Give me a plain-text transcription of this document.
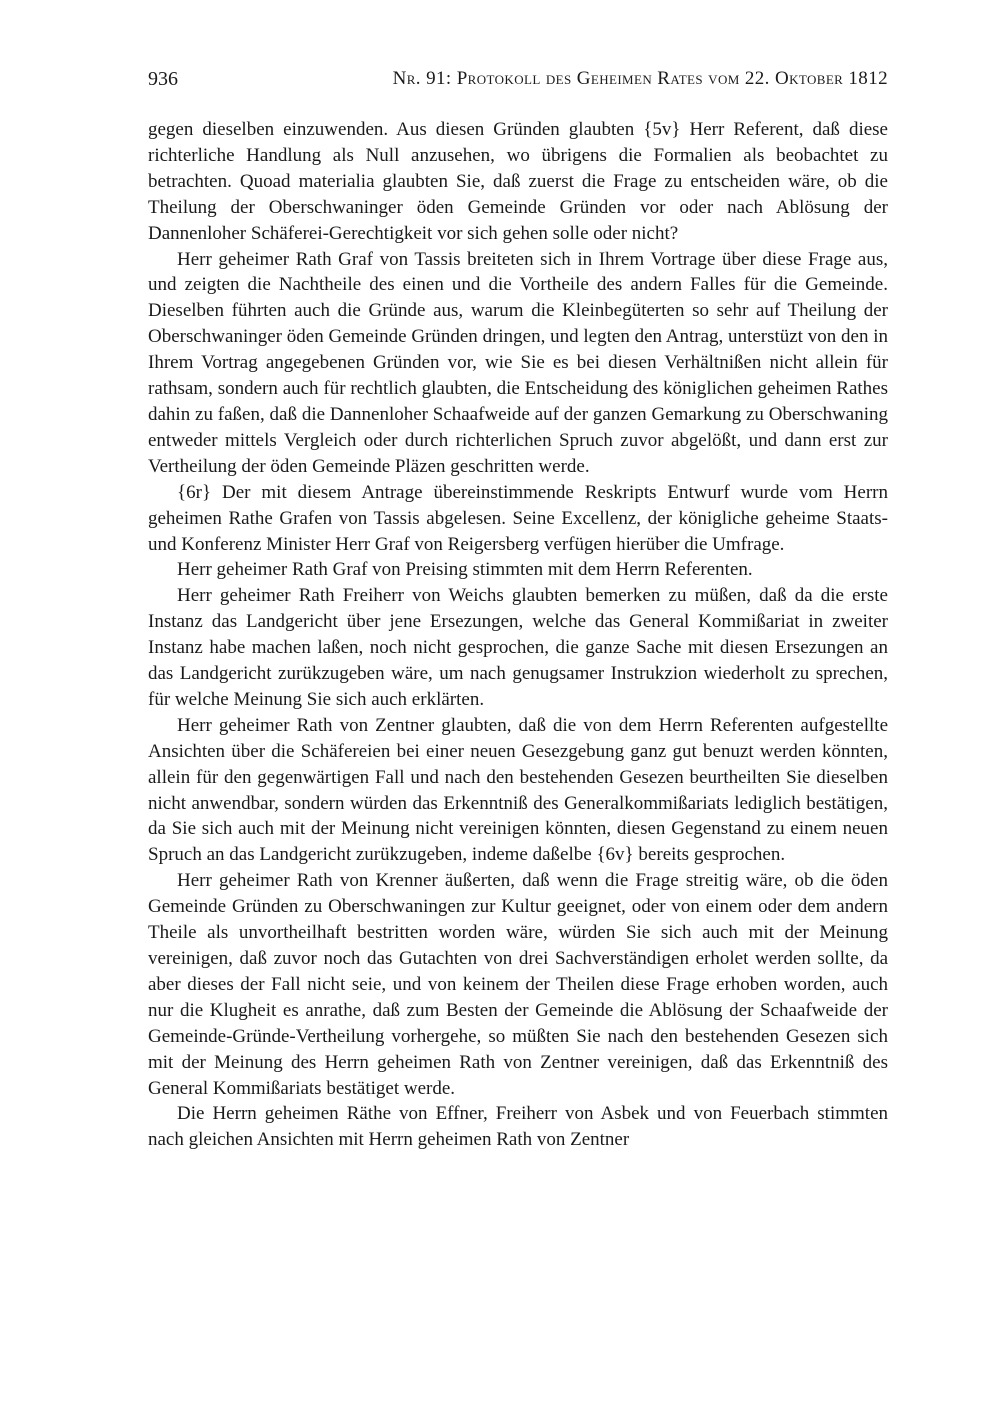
936	Nr. 91: Protokoll des Geheimen Rates vom 22. Oktober 1812

gegen dieselben einzuwenden. Aus diesen Gründen glaubten {5v} Herr Referent, daß diese richterliche Handlung als Null anzusehen, wo übrigens die Formalien als beobachtet zu betrachten. Quoad materialia glaubten Sie, daß zuerst die Frage zu entscheiden wäre, ob die Theilung der Oberschwaninger öden Gemeinde Gründen vor oder nach Ablösung der Dannenloher Schäferei-Gerechtigkeit vor sich gehen solle oder nicht?

Herr geheimer Rath Graf von Tassis breiteten sich in Ihrem Vortrage über diese Frage aus, und zeigten die Nachtheile des einen und die Vortheile des andern Falles für die Gemeinde. Dieselben führten auch die Gründe aus, warum die Kleinbegüterten so sehr auf Theilung der Oberschwaninger öden Gemeinde Gründen dringen, und legten den Antrag, unterstüzt von den in Ihrem Vortrag angegebenen Gründen vor, wie Sie es bei diesen Verhältnißen nicht allein für rathsam, sondern auch für rechtlich glaubten, die Entscheidung des königlichen geheimen Rathes dahin zu faßen, daß die Dannenloher Schaafweide auf der ganzen Gemarkung zu Oberschwaning entweder mittels Vergleich oder durch richterlichen Spruch zuvor abgelößt, und dann erst zur Vertheilung der öden Gemeinde Pläzen geschritten werde.

{6r} Der mit diesem Antrage übereinstimmende Reskripts Entwurf wurde vom Herrn geheimen Rathe Grafen von Tassis abgelesen. Seine Excellenz, der königliche geheime Staats- und Konferenz Minister Herr Graf von Reigersberg verfügen hierüber die Umfrage.

Herr geheimer Rath Graf von Preising stimmten mit dem Herrn Referenten.

Herr geheimer Rath Freiherr von Weichs glaubten bemerken zu müßen, daß da die erste Instanz das Landgericht über jene Ersezungen, welche das General Kommißariat in zweiter Instanz habe machen laßen, noch nicht gesprochen, die ganze Sache mit diesen Ersezungen an das Landgericht zurükzugeben wäre, um nach genugsamer Instrukzion wiederholt zu sprechen, für welche Meinung Sie sich auch erklärten.

Herr geheimer Rath von Zentner glaubten, daß die von dem Herrn Referenten aufgestellte Ansichten über die Schäfereien bei einer neuen Gesezgebung ganz gut benuzt werden könnten, allein für den gegenwärtigen Fall und nach den bestehenden Gesezen beurtheilten Sie dieselben nicht anwendbar, sondern würden das Erkenntniß des Generalkommißariats lediglich bestätigen, da Sie sich auch mit der Meinung nicht vereinigen könnten, diesen Gegenstand zu einem neuen Spruch an das Landgericht zurükzugeben, indeme daßelbe {6v} bereits gesprochen.

Herr geheimer Rath von Krenner äußerten, daß wenn die Frage streitig wäre, ob die öden Gemeinde Gründen zu Oberschwaningen zur Kultur geeignet, oder von einem oder dem andern Theile als unvortheilhaft bestritten worden wäre, würden Sie sich auch mit der Meinung vereinigen, daß zuvor noch das Gutachten von drei Sachverständigen erholet werden sollte, da aber dieses der Fall nicht seie, und von keinem der Theilen diese Frage erhoben worden, auch nur die Klugheit es anrathe, daß zum Besten der Gemeinde die Ablösung der Schaafweide der Gemeinde-Gründe-Vertheilung vorhergehe, so müßten Sie nach den bestehenden Gesezen sich mit der Meinung des Herrn geheimen Rath von Zentner vereinigen, daß das Erkenntniß des General Kommißariats bestätiget werde.

Die Herrn geheimen Räthe von Effner, Freiherr von Asbek und von Feuerbach stimmten nach gleichen Ansichten mit Herrn geheimen Rath von Zentner
